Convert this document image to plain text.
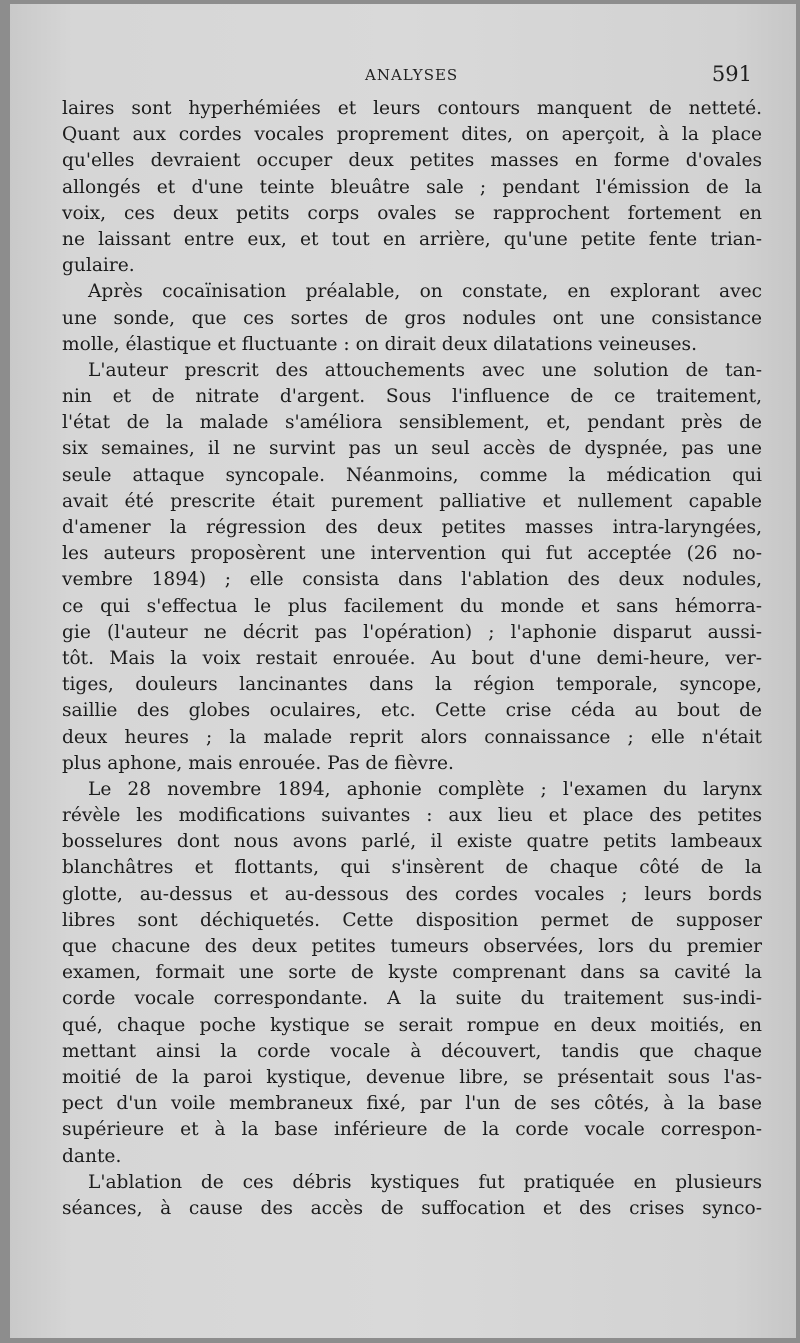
ANALYSES	591
laires sont hyperhémiées et leurs contours manquent de netteté.
Quant aux cordes vocales proprement dites, on aperçoit, à la place
qu'elles devraient occuper deux petites masses en forme d'ovales
allongés et d'une teinte bleuâtre sale ; pendant l'émission de la
voix, ces deux petits corps ovales se rapprochent fortement en
ne laissant entre eux, et tout en arrière, qu'une petite fente trian-
gulaire.
Après cocaïnisation préalable, on constate, en explorant avec
une sonde, que ces sortes de gros nodules ont une consistance
molle, élastique et fluctuante : on dirait deux dilatations veineuses.
L'auteur prescrit des attouchements avec une solution de tan-
nin et de nitrate d'argent. Sous l'influence de ce traitement,
l'état de la malade s'améliora sensiblement, et, pendant près de
six semaines, il ne survint pas un seul accès de dyspnée, pas une
seule attaque syncopale. Néanmoins, comme la médication qui
avait été prescrite était purement palliative et nullement capable
d'amener la régression des deux petites masses intra-laryngées,
les auteurs proposèrent une intervention qui fut acceptée (26 no-
vembre 1894) ; elle consista dans l'ablation des deux nodules,
ce qui s'effectua le plus facilement du monde et sans hémorra-
gie (l'auteur ne décrit pas l'opération) ; l'aphonie disparut aussi-
tôt. Mais la voix restait enrouée. Au bout d'une demi-heure, ver-
tiges, douleurs lancinantes dans la région temporale, syncope,
saillie des globes oculaires, etc. Cette crise céda au bout de
deux heures ; la malade reprit alors connaissance ; elle n'était
plus aphone, mais enrouée. Pas de fièvre.
Le 28 novembre 1894, aphonie complète ; l'examen du larynx
révèle les modifications suivantes : aux lieu et place des petites
bosselures dont nous avons parlé, il existe quatre petits lambeaux
blanchâtres et flottants, qui s'insèrent de chaque côté de la
glotte, au-dessus et au-dessous des cordes vocales ; leurs bords
libres sont déchiquetés. Cette disposition permet de supposer
que chacune des deux petites tumeurs observées, lors du premier
examen, formait une sorte de kyste comprenant dans sa cavité la
corde vocale correspondante. A la suite du traitement sus-indi-
qué, chaque poche kystique se serait rompue en deux moitiés, en
mettant ainsi la corde vocale à découvert, tandis que chaque
moitié de la paroi kystique, devenue libre, se présentait sous l'as-
pect d'un voile membraneux fixé, par l'un de ses côtés, à la base
supérieure et à la base inférieure de la corde vocale correspon-
dante.
L'ablation de ces débris kystiques fut pratiquée en plusieurs
séances, à cause des accès de suffocation et des crises synco-
